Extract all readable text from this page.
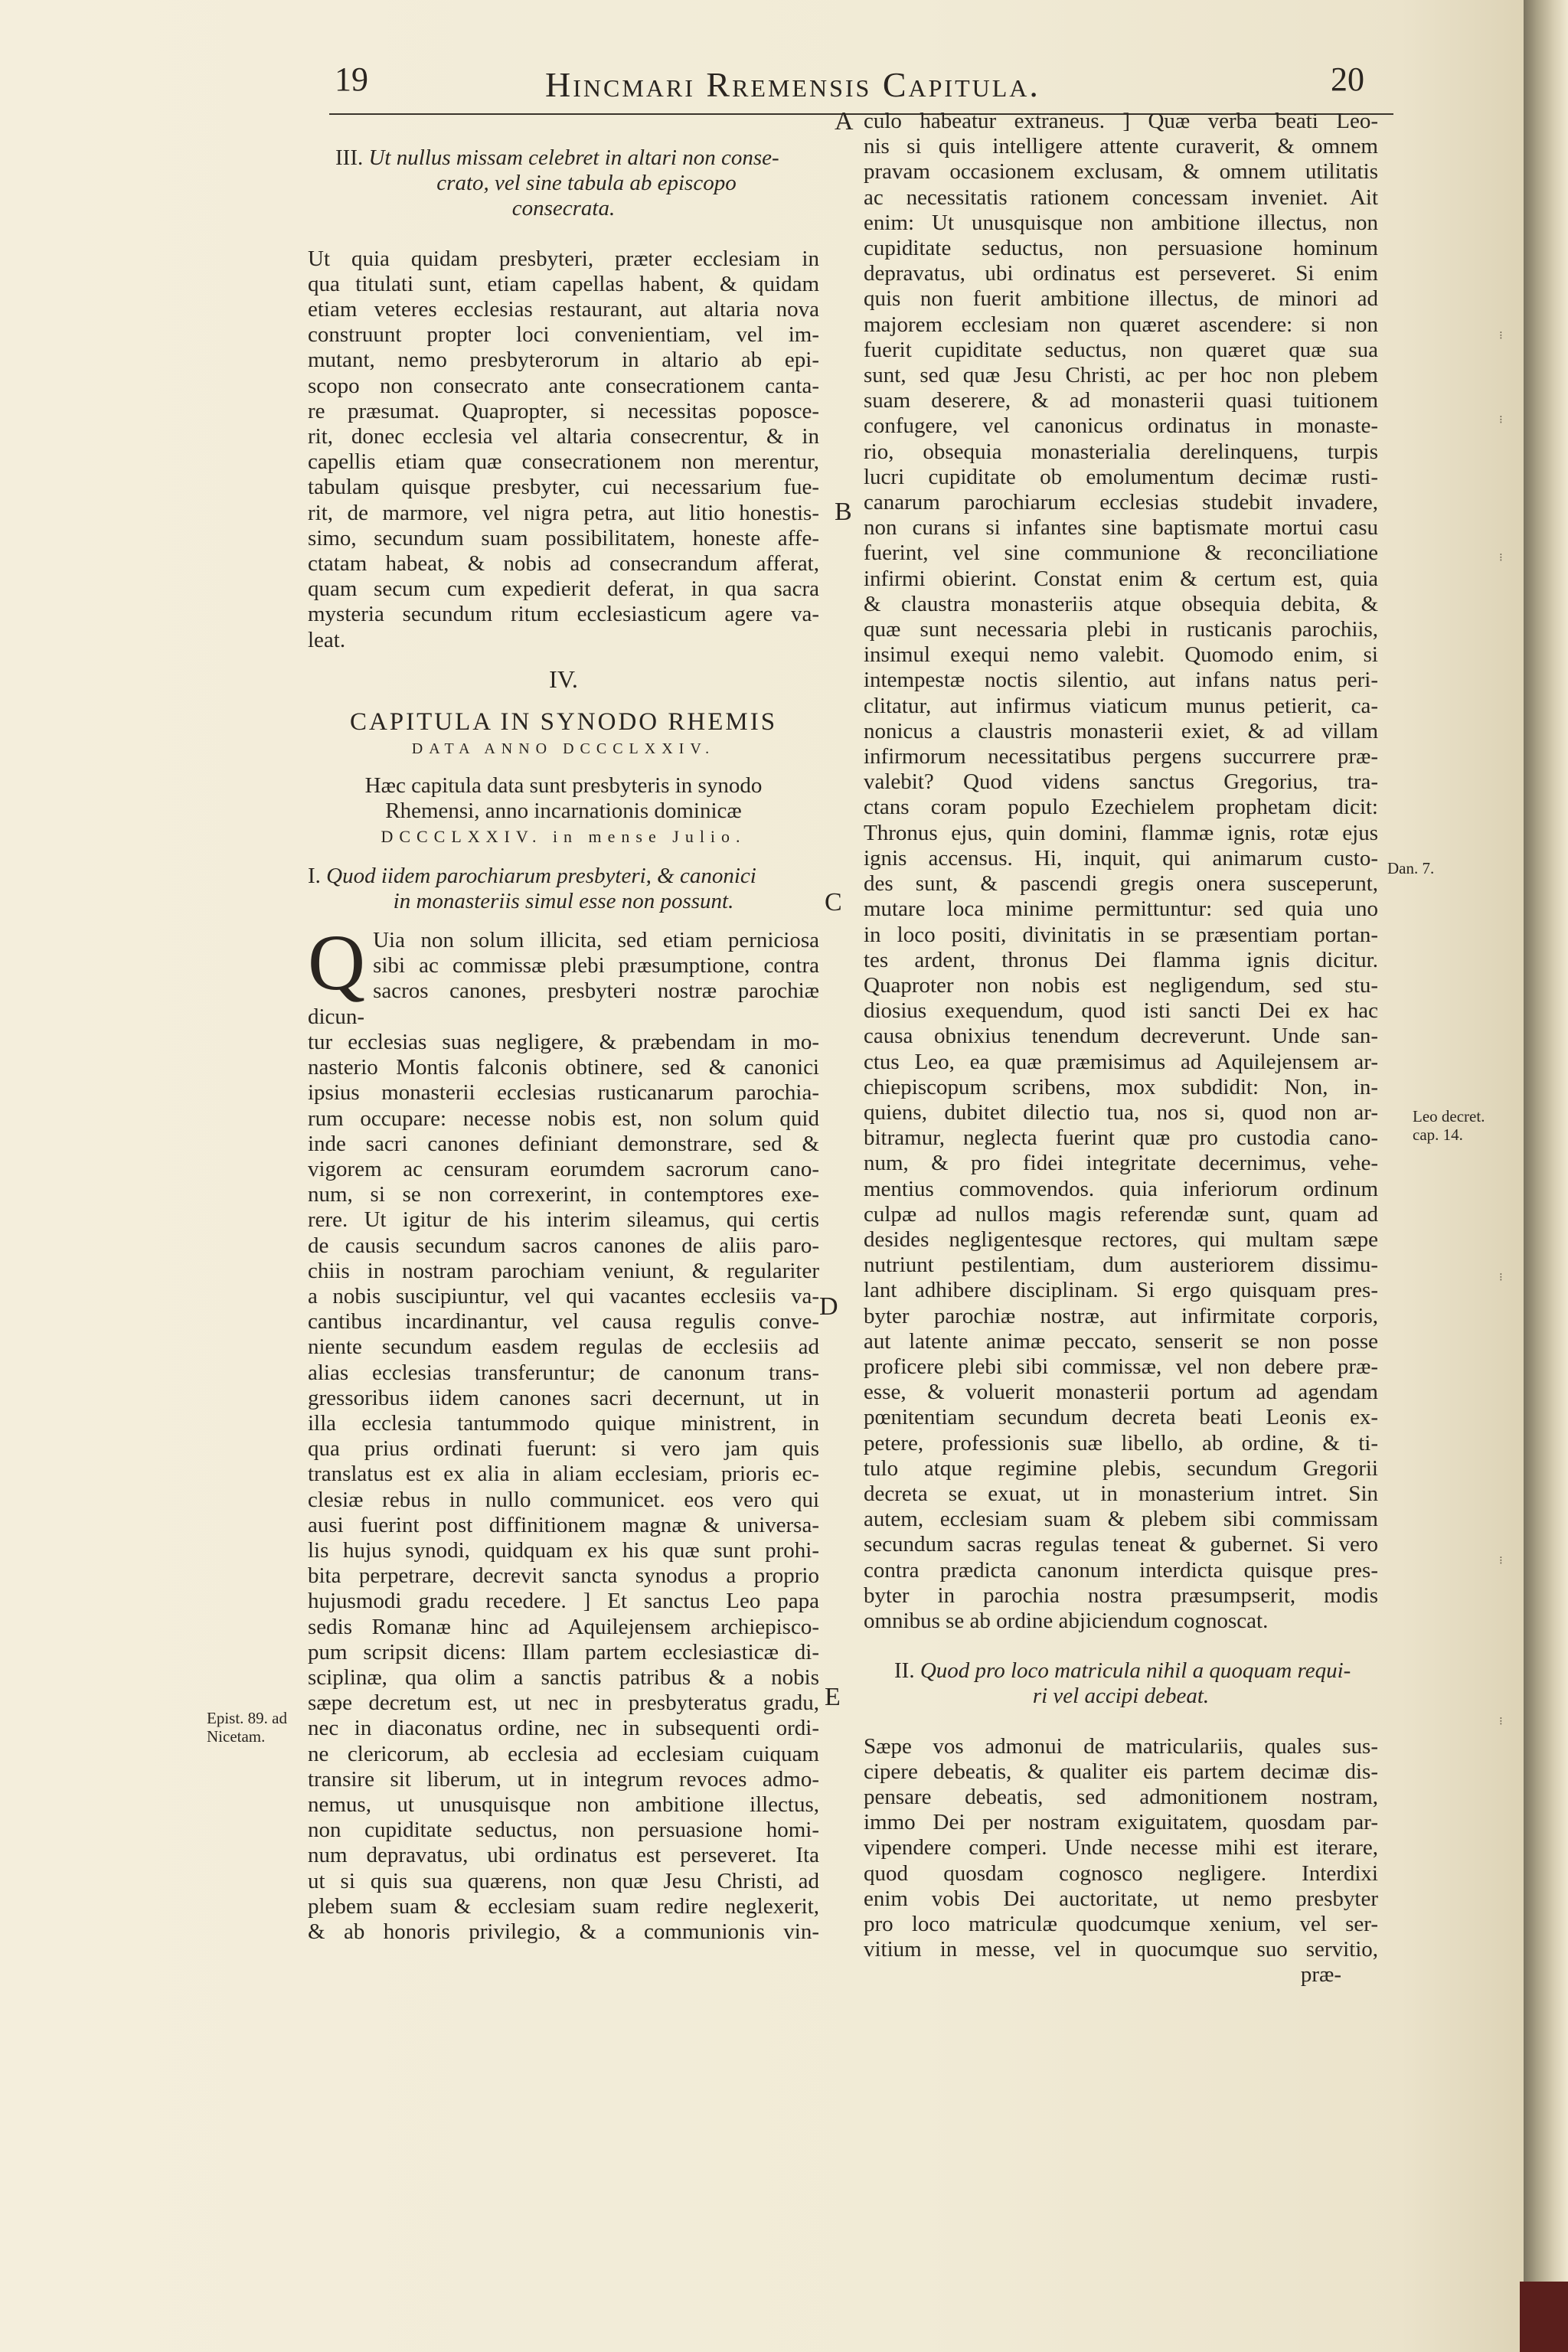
19	Hincmari Rremensis Capitula.	20

III. Ut nullus missam celebret in altari non conse-

crato, vel sine tabula ab episcopo

consecrata.

Ut quia quidam presbyteri, præter ecclesiam in

qua titulati sunt, etiam capellas habent, & quidam

etiam veteres ecclesias restaurant, aut altaria nova

construunt propter loci convenientiam, vel im-

mutant, nemo presbyterorum in altario ab epi-

scopo non consecrato ante consecrationem canta-

re præsumat. Quapropter, si necessitas poposce-

rit, donec ecclesia vel altaria consecrentur, & in

capellis etiam quæ consecrationem non merentur,

tabulam quisque presbyter, cui necessarium fue-

rit, de marmore, vel nigra petra, aut litio honestis-

simo, secundum suam possibilitatem, honeste affe-

ctatam habeat, & nobis ad consecrandum afferat,

quam secum cum expedierit deferat, in qua sacra

mysteria secundum ritum ecclesiasticum agere va-

leat.

IV.

CAPITULA IN SYNODO RHEMIS

DATA ANNO DCCCLXXIV.

Hæc capitula data sunt presbyteris in synodo

Rhemensi, anno incarnationis dominicæ

DCCCLXXIV. in mense Julio.

I. Quod iidem parochiarum presbyteri, & canonici

in monasteriis simul esse non possunt.

Q Uia non solum illicita, sed etiam perniciosa

sibi ac commissæ plebi præsumptione, contra

sacros canones, presbyteri nostræ parochiæ dicun-

tur ecclesias suas negligere, & præbendam in mo-

nasterio Montis falconis obtinere, sed & canonici

ipsius monasterii ecclesias rusticanarum parochia-

rum occupare: necesse nobis est, non solum quid

inde sacri canones definiant demonstrare, sed &

vigorem ac censuram eorumdem sacrorum cano-

num, si se non correxerint, in contemptores exe-

rere. Ut igitur de his interim sileamus, qui certis

de causis secundum sacros canones de aliis paro-

chiis in nostram parochiam veniunt, & regulariter

a nobis suscipiuntur, vel qui vacantes ecclesiis va-

cantibus incardinantur, vel causa regulis conve-

niente secundum easdem regulas de ecclesiis ad

alias ecclesias transferuntur; de canonum trans-

gressoribus iidem canones sacri decernunt, ut in

illa ecclesia tantummodo quique ministrent, in

qua prius ordinati fuerunt: si vero jam quis

translatus est ex alia in aliam ecclesiam, prioris ec-

clesiæ rebus in nullo communicet. eos vero qui

ausi fuerint post diffinitionem magnæ & universa-

lis hujus synodi, quidquam ex his quæ sunt prohi-

bita perpetrare, decrevit sancta synodus a proprio

hujusmodi gradu recedere. ] Et sanctus Leo papa

sedis Romanæ hinc ad Aquilejensem archiepisco-

pum scripsit dicens: Illam partem ecclesiasticæ di-

sciplinæ, qua olim a sanctis patribus & a nobis

sæpe decretum est, ut nec in presbyteratus gradu,

nec in diaconatus ordine, nec in subsequenti ordi-

ne clericorum, ab ecclesia ad ecclesiam cuiquam

transire sit liberum, ut in integrum revoces admo-

nemus, ut unusquisque non ambitione illectus,

non cupiditate seductus, non persuasione homi-

num depravatus, ubi ordinatus est perseveret. Ita

ut si quis sua quærens, non quæ Jesu Christi, ad

plebem suam & ecclesiam suam redire neglexerit,

& ab honoris privilegio, & a communionis vin-

culo habeatur extraneus. ] Quæ verba beati Leo-

nis si quis intelligere attente curaverit, & omnem

pravam occasionem exclusam, & omnem utilitatis

ac necessitatis rationem concessam inveniet. Ait

enim: Ut unusquisque non ambitione illectus, non

cupiditate seductus, non persuasione hominum

depravatus, ubi ordinatus est perseveret. Si enim

quis non fuerit ambitione illectus, de minori ad

majorem ecclesiam non quæret ascendere: si non

fuerit cupiditate seductus, non quæret quæ sua

sunt, sed quæ Jesu Christi, ac per hoc non plebem

suam deserere, & ad monasterii quasi tuitionem

confugere, vel canonicus ordinatus in monaste-

rio, obsequia monasterialia derelinquens, turpis

lucri cupiditate ob emolumentum decimæ rusti-

canarum parochiarum ecclesias studebit invadere,

non curans si infantes sine baptismate mortui casu

fuerint, vel sine communione & reconciliatione

infirmi obierint. Constat enim & certum est, quia

& claustra monasteriis atque obsequia debita, &

quæ sunt necessaria plebi in rusticanis parochiis,

insimul exequi nemo valebit. Quomodo enim, si

intempestæ noctis silentio, aut infans natus peri-

clitatur, aut infirmus viaticum munus petierit, ca-

nonicus a claustris monasterii exiet, & ad villam

infirmorum necessitatibus pergens succurrere præ-

valebit? Quod videns sanctus Gregorius, tra-

ctans coram populo Ezechielem prophetam dicit:

Thronus ejus, quin domini, flammæ ignis, rotæ ejus

ignis accensus. Hi, inquit, qui animarum custo-

des sunt, & pascendi gregis onera susceperunt,

mutare loca minime permittuntur: sed quia uno

in loco positi, divinitatis in se præsentiam portan-

tes ardent, thronus Dei flamma ignis dicitur.

Quaproter non nobis est negligendum, sed stu-

diosius exequendum, quod isti sancti Dei ex hac

causa obnixius tenendum decreverunt. Unde san-

ctus Leo, ea quæ præmisimus ad Aquilejensem ar-

chiepiscopum scribens, mox subdidit: Non, in-

quiens, dubitet dilectio tua, nos si, quod non ar-

bitramur, neglecta fuerint quæ pro custodia cano-

num, & pro fidei integritate decernimus, vehe-

mentius commovendos. quia inferiorum ordinum

culpæ ad nullos magis referendæ sunt, quam ad

desides negligentesque rectores, qui multam sæpe

nutriunt pestilentiam, dum austeriorem dissimu-

lant adhibere disciplinam. Si ergo quisquam pres-

byter parochiæ nostræ, aut infirmitate corporis,

aut latente animæ peccato, senserit se non posse

proficere plebi sibi commissæ, vel non debere præ-

esse, & voluerit monasterii portum ad agendam

pœnitentiam secundum decreta beati Leonis ex-

petere, professionis suæ libello, ab ordine, & ti-

tulo atque regimine plebis, secundum Gregorii

decreta se exuat, ut in monasterium intret. Sin

autem, ecclesiam suam & plebem sibi commissam

secundum sacras regulas teneat & gubernet. Si vero

contra prædicta canonum interdicta quisque pres-

byter in parochia nostra præsumpserit, modis

omnibus se ab ordine abjiciendum cognoscat.

II. Quod pro loco matricula nihil a quoquam requi-

ri vel accipi debeat.

Sæpe vos admonui de matriculariis, quales sus-

cipere debeatis, & qualiter eis partem decimæ dis-

pensare debeatis, sed admonitionem nostram,

immo Dei per nostram exiguitatem, quosdam par-

vipendere comperi. Unde necesse mihi est iterare,

quod quosdam cognosco negligere. Interdixi

enim vobis Dei auctoritate, ut nemo presbyter

pro loco matriculæ quodcumque xenium, vel ser-

vitium in messe, vel in quocumque suo servitio,

præ-

A
B
C
D
E
Epist. 89. ad
Nicetam.
Dan. 7.
Leo decret.
cap. 14.
⁝
⁝
⁝
⁝
⁝
⁝
